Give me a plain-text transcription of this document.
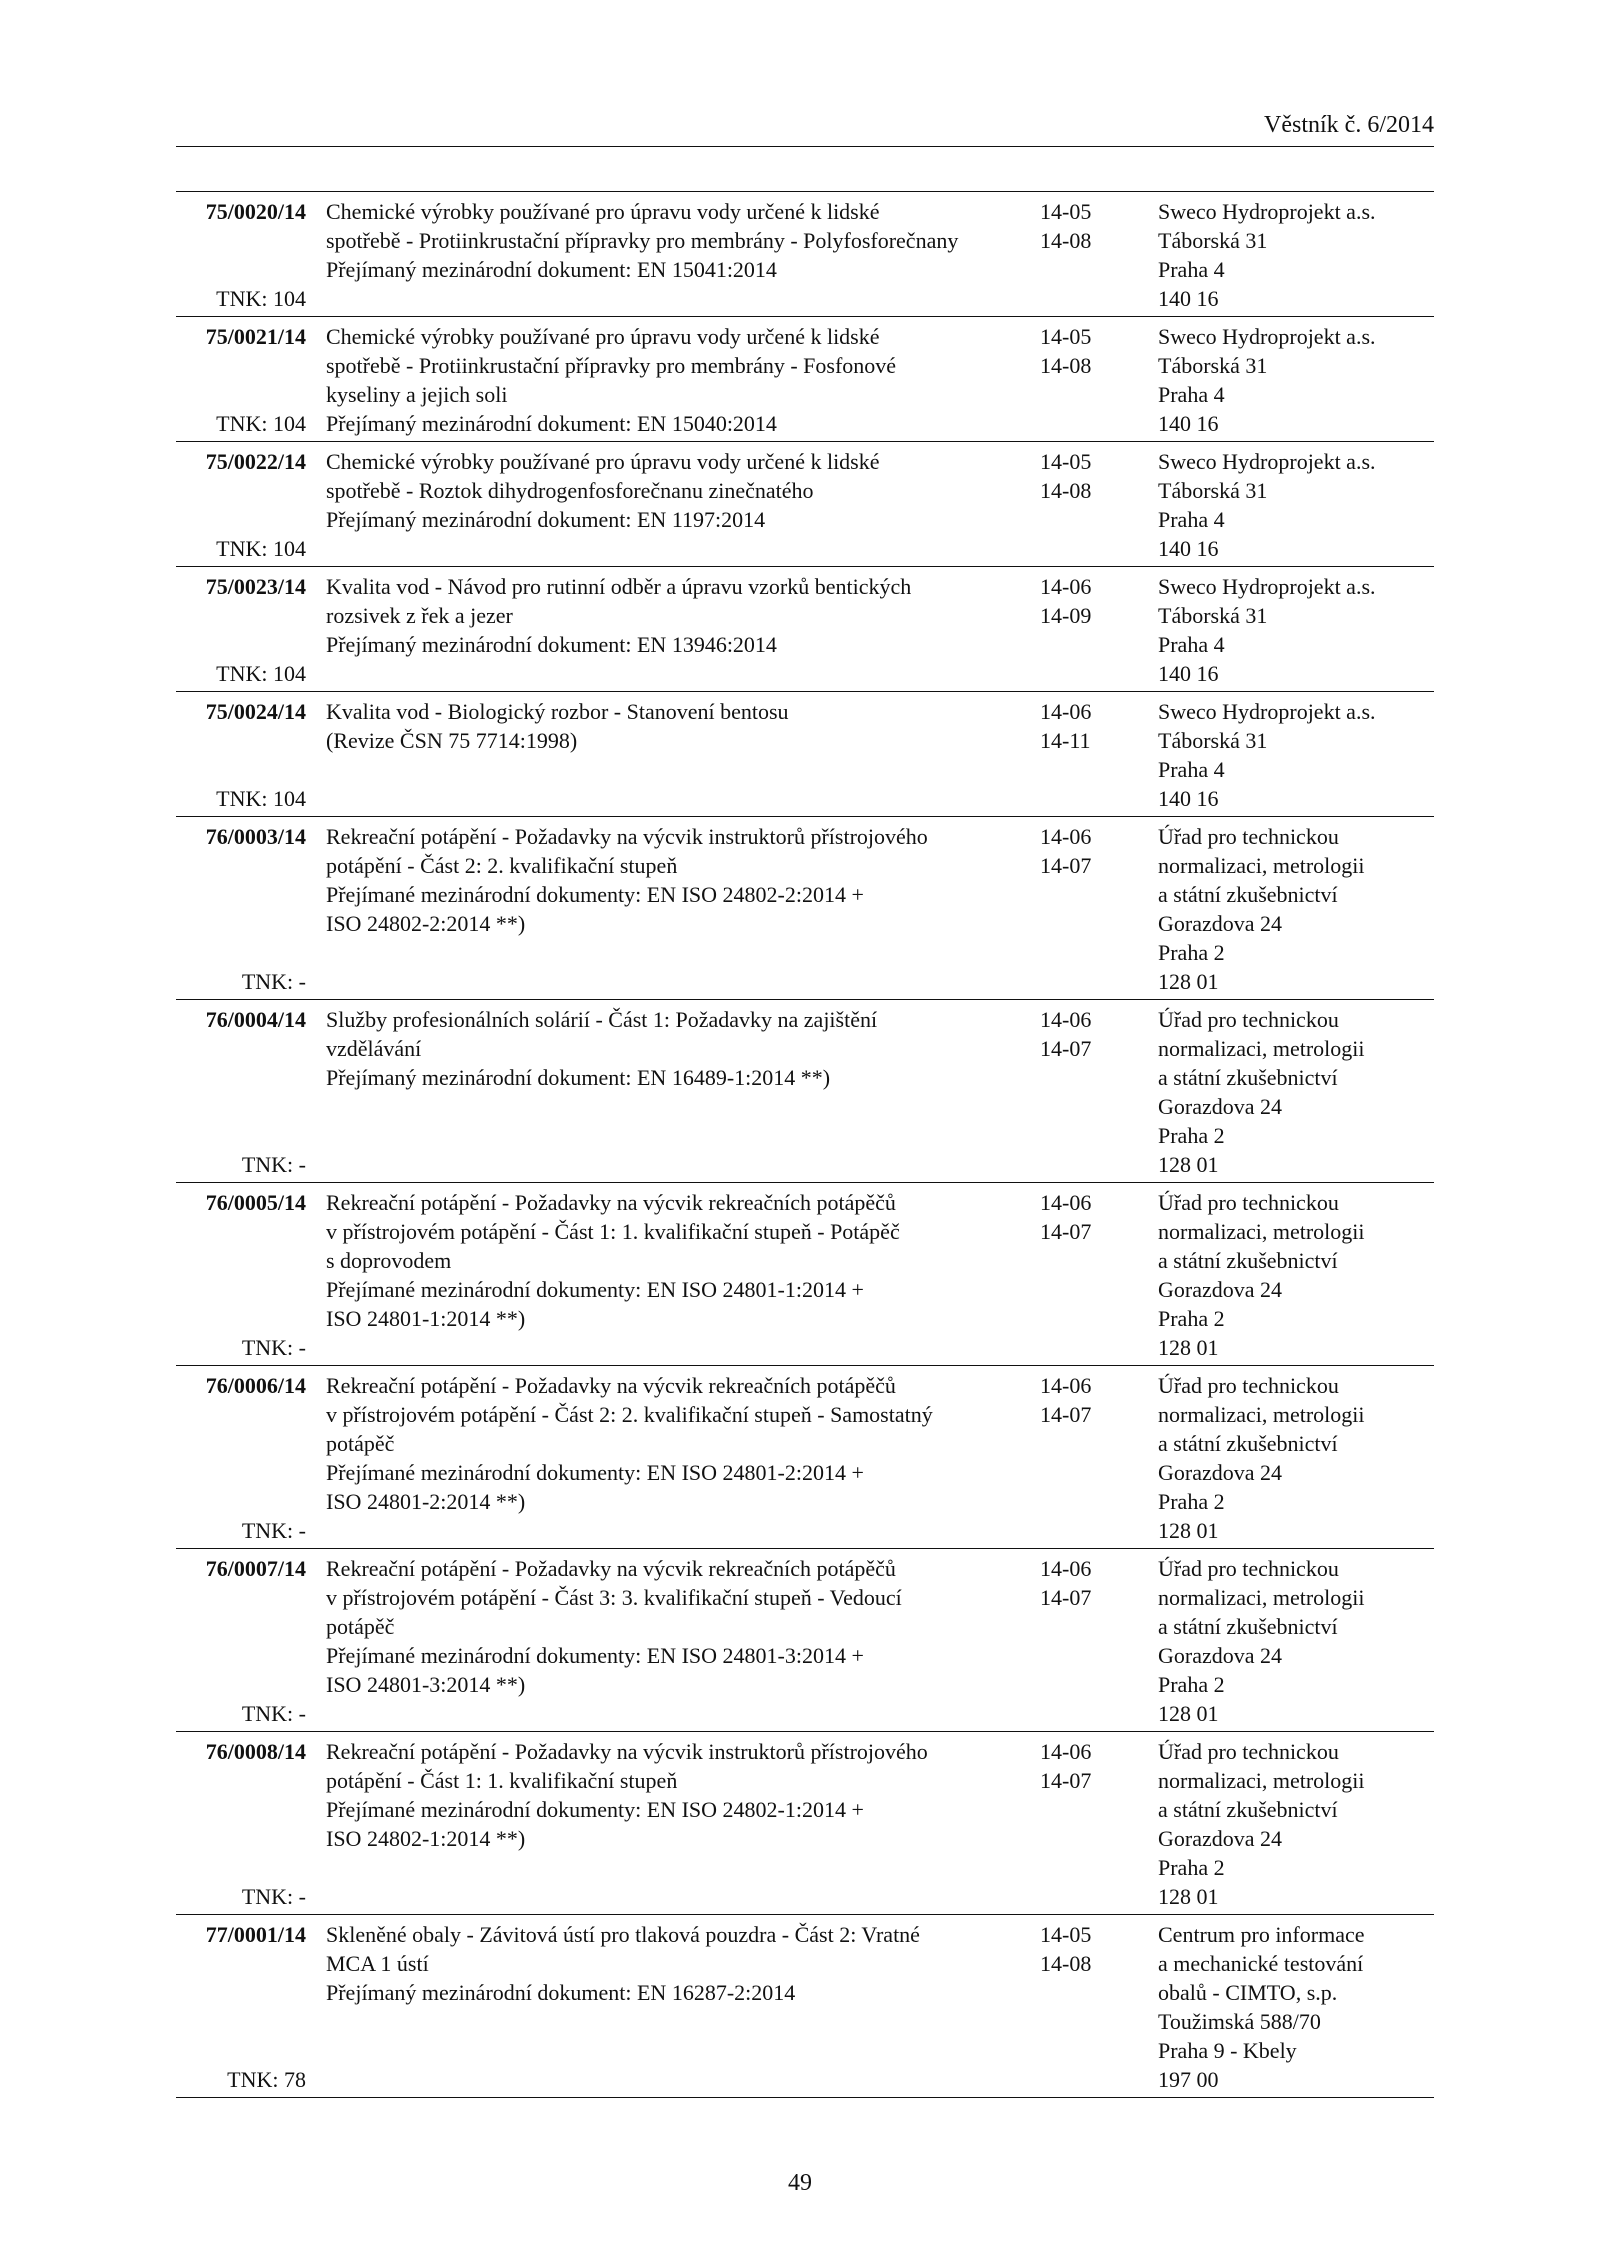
Věstník č. 6/2014
75/0020/14
TNK: 104
Chemické výrobky používané pro úpravu vody určené k lidské
spotřebě - Protiinkrustační přípravky pro membrány - Polyfosforečnany
Přejímaný mezinárodní dokument: EN 15041:2014
14-05
14-08
Sweco Hydroprojekt a.s.
Táborská 31
Praha 4
140 16
75/0021/14
TNK: 104
Chemické výrobky používané pro úpravu vody určené k lidské
spotřebě - Protiinkrustační přípravky pro membrány - Fosfonové
kyseliny a jejich soli
Přejímaný mezinárodní dokument: EN 15040:2014
14-05
14-08
Sweco Hydroprojekt a.s.
Táborská 31
Praha 4
140 16
75/0022/14
TNK: 104
Chemické výrobky používané pro úpravu vody určené k lidské
spotřebě - Roztok dihydrogenfosforečnanu zinečnatého
Přejímaný mezinárodní dokument: EN 1197:2014
14-05
14-08
Sweco Hydroprojekt a.s.
Táborská 31
Praha 4
140 16
75/0023/14
TNK: 104
Kvalita vod - Návod pro rutinní odběr a úpravu vzorků bentických
rozsivek z řek a jezer
Přejímaný mezinárodní dokument: EN 13946:2014
14-06
14-09
Sweco Hydroprojekt a.s.
Táborská 31
Praha 4
140 16
75/0024/14
TNK: 104
Kvalita vod - Biologický rozbor - Stanovení bentosu
(Revize ČSN 75 7714:1998)
14-06
14-11
Sweco Hydroprojekt a.s.
Táborská 31
Praha 4
140 16
76/0003/14
TNK: -
Rekreační potápění - Požadavky na výcvik instruktorů přístrojového
potápění - Část 2: 2. kvalifikační stupeň
Přejímané mezinárodní dokumenty: EN ISO 24802-2:2014 +
ISO 24802-2:2014 **)
14-06
14-07
Úřad pro technickou
normalizaci, metrologii
a státní zkušebnictví
Gorazdova 24
Praha 2
128 01
76/0004/14
TNK: -
Služby profesionálních solárií - Část 1: Požadavky na zajištění
vzdělávání
Přejímaný mezinárodní dokument: EN 16489-1:2014 **)
14-06
14-07
Úřad pro technickou
normalizaci, metrologii
a státní zkušebnictví
Gorazdova 24
Praha 2
128 01
76/0005/14
TNK: -
Rekreační potápění - Požadavky na výcvik rekreačních potápěčů
v přístrojovém potápění - Část 1: 1. kvalifikační stupeň - Potápěč
s doprovodem
Přejímané mezinárodní dokumenty: EN ISO 24801-1:2014 +
ISO 24801-1:2014 **)
14-06
14-07
Úřad pro technickou
normalizaci, metrologii
a státní zkušebnictví
Gorazdova 24
Praha 2
128 01
76/0006/14
TNK: -
Rekreační potápění - Požadavky na výcvik rekreačních potápěčů
v přístrojovém potápění - Část 2: 2. kvalifikační stupeň - Samostatný
potápěč
Přejímané mezinárodní dokumenty: EN ISO 24801-2:2014 +
ISO 24801-2:2014 **)
14-06
14-07
Úřad pro technickou
normalizaci, metrologii
a státní zkušebnictví
Gorazdova 24
Praha 2
128 01
76/0007/14
TNK: -
Rekreační potápění - Požadavky na výcvik rekreačních potápěčů
v přístrojovém potápění - Část 3: 3. kvalifikační stupeň - Vedoucí
potápěč
Přejímané mezinárodní dokumenty: EN ISO 24801-3:2014 +
ISO 24801-3:2014 **)
14-06
14-07
Úřad pro technickou
normalizaci, metrologii
a státní zkušebnictví
Gorazdova 24
Praha 2
128 01
76/0008/14
TNK: -
Rekreační potápění - Požadavky na výcvik instruktorů přístrojového
potápění - Část 1: 1. kvalifikační stupeň
Přejímané mezinárodní dokumenty: EN ISO 24802-1:2014 +
ISO 24802-1:2014 **)
14-06
14-07
Úřad pro technickou
normalizaci, metrologii
a státní zkušebnictví
Gorazdova 24
Praha 2
128 01
77/0001/14
TNK: 78
Skleněné obaly - Závitová ústí pro tlaková pouzdra - Část 2: Vratné
MCA 1 ústí
Přejímaný mezinárodní dokument: EN 16287-2:2014
14-05
14-08
Centrum pro informace
a mechanické testování
obalů - CIMTO, s.p.
Toužimská 588/70
Praha 9 - Kbely
197 00
49
